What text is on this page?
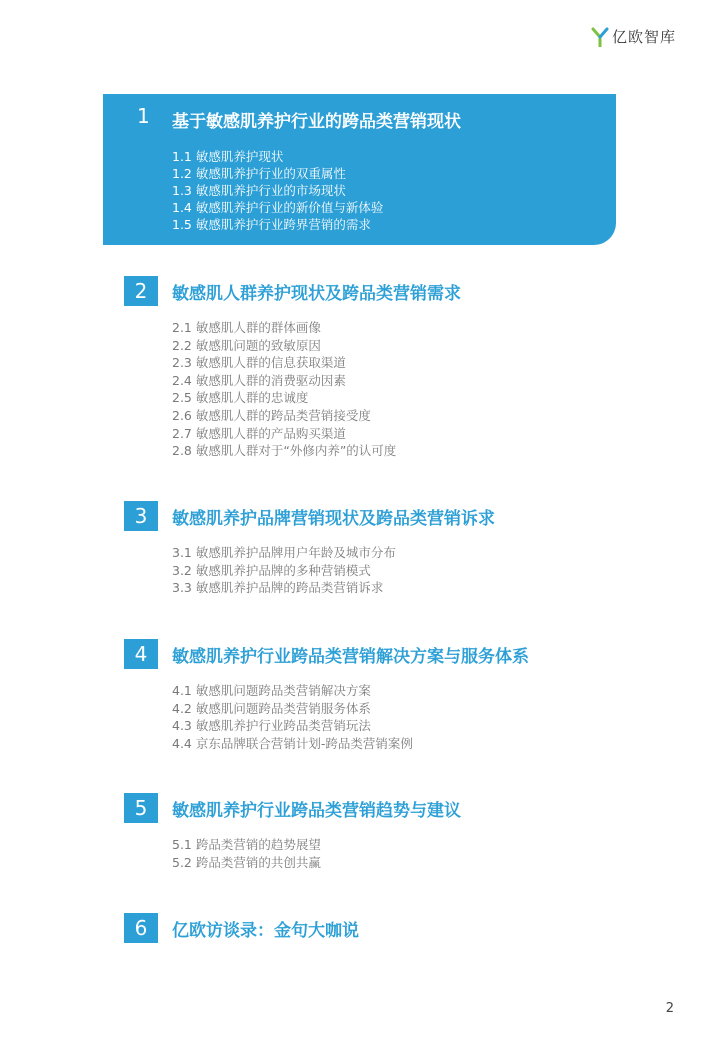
亿欧智库
1 基于敏感肌养护行业的跨品类营销现状
1.1 敏感肌养护现状
1.2 敏感肌养护行业的双重属性
1.3 敏感肌养护行业的市场现状
1.4 敏感肌养护行业的新价值与新体验
1.5 敏感肌养护行业跨界营销的需求
2	敏感肌人群养护现状及跨品类营销需求
2.1 敏感肌人群的群体画像
2.2 敏感肌问题的致敏原因
2.3 敏感肌人群的信息获取渠道
2.4 敏感肌人群的消费驱动因素
2.5 敏感肌人群的忠诚度
2.6 敏感肌人群的跨品类营销接受度
2.7 敏感肌人群的产品购买渠道
2.8 敏感肌人群对于“外修内养”的认可度
3	敏感肌养护品牌营销现状及跨品类营销诉求
3.1 敏感肌养护品牌用户年龄及城市分布
3.2 敏感肌养护品牌的多种营销模式
3.3 敏感肌养护品牌的跨品类营销诉求
4	敏感肌养护行业跨品类营销解决方案与服务体系
4.1 敏感肌问题跨品类营销解决方案
4.2 敏感肌问题跨品类营销服务体系
4.3 敏感肌养护行业跨品类营销玩法
4.4 京东品牌联合营销计划-跨品类营销案例
5	敏感肌养护行业跨品类营销趋势与建议
5.1 跨品类营销的趋势展望
5.2 跨品类营销的共创共赢
6	亿欧访谈录：金句大咖说
2
